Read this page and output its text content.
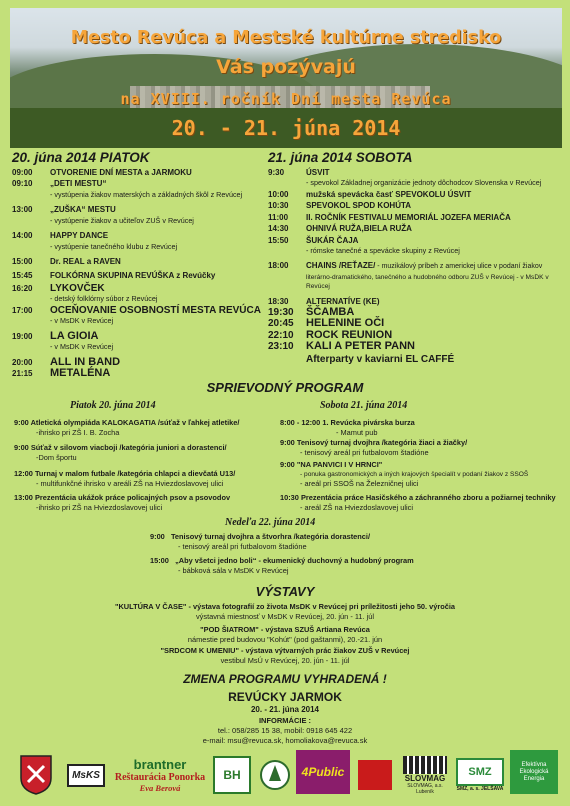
Mesto Revúca a Mestské kultúrne stredisko
Vás pozývajú
na XVIII. ročník Dní mesta Revúca
20. - 21. júna 2014
20. júna 2014 PIATOK
09:00	OTVORENIE DNÍ MESTA a JARMOKU
09:10	„DETI MESTU“
- vystúpenia žiakov materských a základných škôl z Revúcej
13:00	„ZUŠKA“ MESTU
- vystúpenie žiakov a učiteľov ZUŠ v Revúcej
14:00	HAPPY DANCE
- vystúpenie tanečného klubu z Revúcej
15:00	Dr. REAL a RAVEN
15:45	FOLKÓRNA SKUPINA REVÚŠKA z Revúčky
16:20	LYKOVČEK
- detský folklórny súbor z Revúcej
17:00	OCEŇOVANIE OSOBNOSTÍ MESTA REVÚCA
- v MsDK v Revúcej
19:00	LA GIOIA
- v MsDK v Revúcej
20:00	ALL IN BAND
21:15	METALÉNA
21. júna 2014 SOBOTA
9:30	ÚSVIT
- spevokol Základnej organizácie jednoty dôchodcov Slovenska v Revúcej
10:00	mužská spevácka časť SPEVOKOLU ÚSVIT
10:30	SPEVOKOL SPOD KOHÚTA
11:00	II. ROČNÍK FESTIVALU MEMORIÁL JOZEFA MERIAČA
14:30	OHNIVÁ RUŽA,BIELA RUŽA
15:50	ŠUKÁR ČAJA
- rómske tanečné a spevácke skupiny z Revúcej
18:00	CHAINS /REŤAZE/ - muzikálový príbeh z americkej ulice v podaní žiakov
literárno-dramatického, tanečného a hudobného odboru ZUŠ v Revúcej - v MsDK v Revúcej
18:30	ALTERNATÍVE (KE)
19:30	ŠČAMBA
20:45	HELENINE OČI
22:10	ROCK REUNION
23:10	KALI A PETER PANN
Afterparty v kaviarni EL CAFFÉ
SPRIEVODNÝ PROGRAM
Piatok 20. júna 2014	Sobota 21. júna 2014
9:00 Atletická olympiáda KALOKAGATIA /súťaž v ľahkej atletike/
-ihrisko pri ZŠ I. B. Zocha
9:00 Súťaž v silovom viacboji /kategória juniori a dorastenci/
-Dom športu
12:00 Turnaj v malom futbale /kategória chlapci a dievčatá U13/
- multifunkčné ihrisko v areáli ZŠ na Hviezdoslavovej ulici
13:00 Prezentácia ukážok práce policajných psov a psovodov
-ihrisko pri ZŠ na Hviezdoslavovej ulici
8:00 - 12:00 1. Revúcka pivárska burza
- Mamut pub
9:00 Tenisový turnaj dvojhra /kategória žiaci a žiačky/
- tenisový areál pri futbalovom štadióne
9:00 "NA PANVICI I V HRNCI"
- ponuka gastronomických a iných krajových špecialít v podaní žiakov z SSOŠ
- areál pri SSOŠ na Železničnej ulici
10:30 Prezentácia práce Hasičského a záchranného zboru a požiarnej techniky
- areál ZŠ na Hviezdoslavovej ulici
Nedeľa 22. júna 2014
9:00 Tenisový turnaj dvojhra a štvorhra /kategória dorastenci/
- tenisový areál pri futbalovom štadióne
15:00 „Aby všetci jedno boli“ - ekumenický duchovný a hudobný program
- bábková sála v MsDK v Revúcej
VÝSTAVY
"KULTÚRA V ČASE" - výstava fotografií zo života MsDK v Revúcej pri príležitosti jeho 50. výročia
výstavná miestnosť v MsDK v Revúcej, 20. jún - 11. júl
"POD ŠIATROM" - výstava SZUŠ Artiana Revúca
námestie pred budovou "Kohút" (pod gaštanmi), 20.-21. jún
"SRDCOM K UMENIU" - výstava výtvarných prác žiakov ZUŠ v Revúcej
vestibul MsÚ v Revúcej, 20. jún - 11. júl
ZMENA PROGRAMU VYHRADENÁ !
REVÚCKY JARMOK
20. - 21. júna 2014
INFORMÁCIE :
tel.: 058/285 15 38, mobil: 0918 645 422
e-mail: msu@revuca.sk, homoliakova@revuca.sk
MsKS
brantner
Reštaurácia Ponorka
Eva Berová
BH	4Public	SLOVMAG
SLOVMAG, a.s. Lubeník
SMZ
SMZ, a. s. JELŠAVA
Efektívna Ekologická Energia
